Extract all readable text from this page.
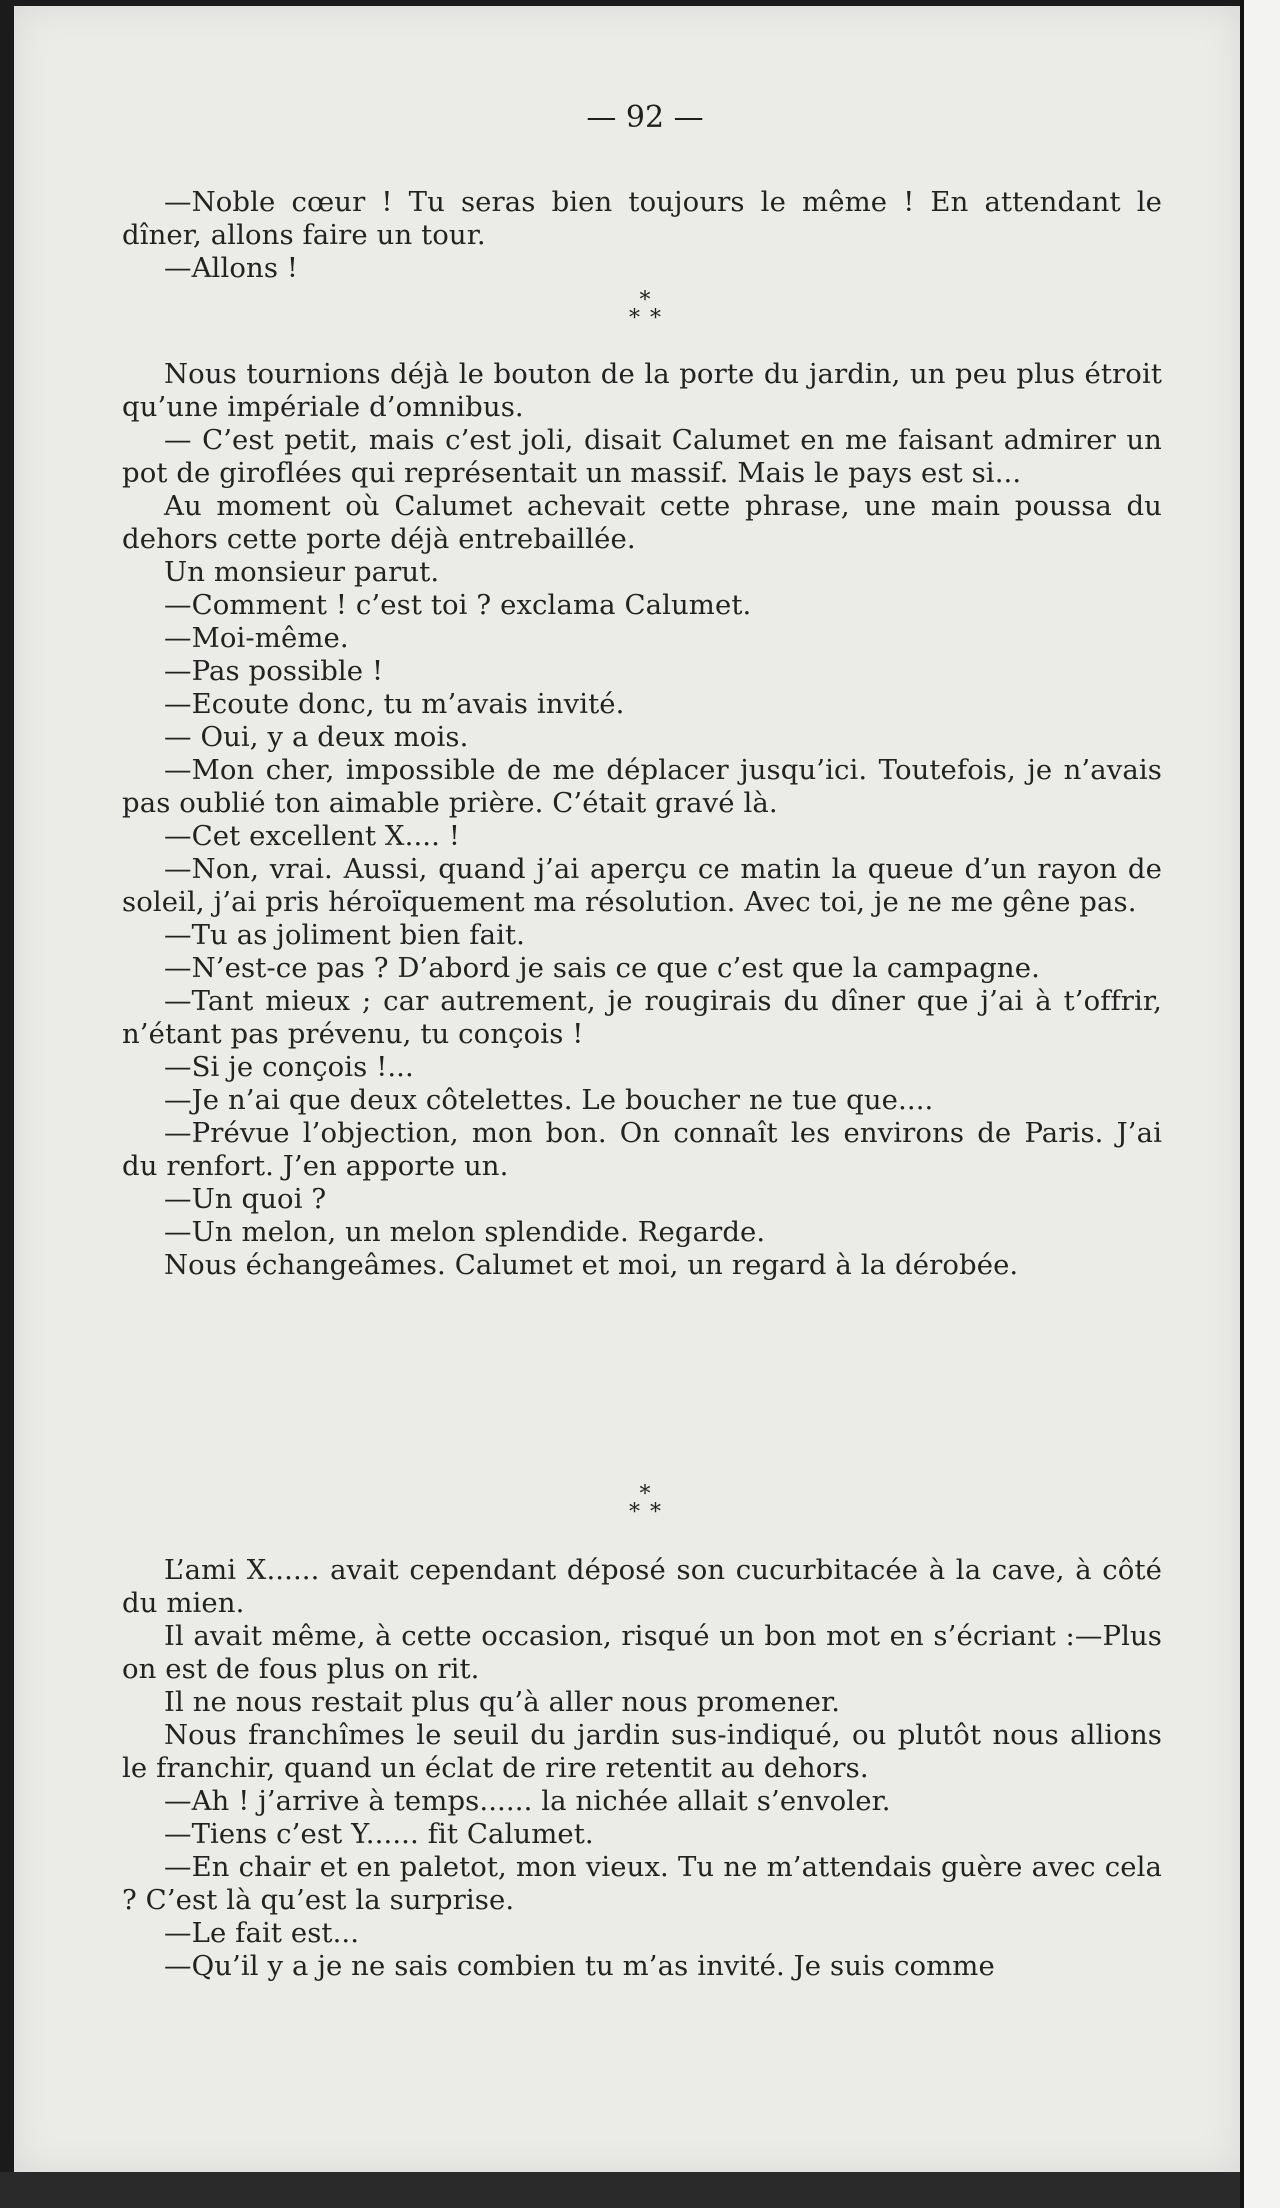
— 92 —

—Noble cœur ! Tu seras bien toujours le même ! En attendant le dîner, allons faire un tour.

—Allons !

*
**

Nous tournions déjà le bouton de la porte du jardin, un peu plus étroit qu’une impériale d’omnibus.

— C’est petit, mais c’est joli, disait Calumet en me faisant admirer un pot de giroflées qui représentait un massif. Mais le pays est si...

Au moment où Calumet achevait cette phrase, une main poussa du dehors cette porte déjà entrebaillée.

Un monsieur parut.

—Comment ! c’est toi ? exclama Calumet.

—Moi-même.

—Pas possible !

—Ecoute donc, tu m’avais invité.

— Oui, y a deux mois.

—Mon cher, impossible de me déplacer jusqu’ici. Toutefois, je n’avais pas oublié ton aimable prière. C’était gravé là.

—Cet excellent X.... !

—Non, vrai. Aussi, quand j’ai aperçu ce matin la queue d’un rayon de soleil, j’ai pris héroïquement ma résolution. Avec toi, je ne me gêne pas.

—Tu as joliment bien fait.

—N’est-ce pas ? D’abord je sais ce que c’est que la campagne.

—Tant mieux ; car autrement, je rougirais du dîner que j’ai à t’offrir, n’étant pas prévenu, tu conçois !

—Si je conçois !...

—Je n’ai que deux côtelettes. Le boucher ne tue que....

—Prévue l’objection, mon bon. On connaît les environs de Paris. J’ai du renfort. J’en apporte un.

—Un quoi ?

—Un melon, un melon splendide. Regarde.

Nous échangeâmes. Calumet et moi, un regard à la dérobée.

*
**

L’ami X...... avait cependant déposé son cucurbitacée à la cave, à côté du mien.

Il avait même, à cette occasion, risqué un bon mot en s’écriant :—Plus on est de fous plus on rit.

Il ne nous restait plus qu’à aller nous promener.

Nous franchîmes le seuil du jardin sus-indiqué, ou plutôt nous allions le franchir, quand un éclat de rire retentit au dehors.

—Ah ! j’arrive à temps...... la nichée allait s’envoler.

—Tiens c’est Y...... fit Calumet.

—En chair et en paletot, mon vieux. Tu ne m’attendais guère avec cela ? C’est là qu’est la surprise.

—Le fait est...

—Qu’il y a je ne sais combien tu m’as invité. Je suis comme
